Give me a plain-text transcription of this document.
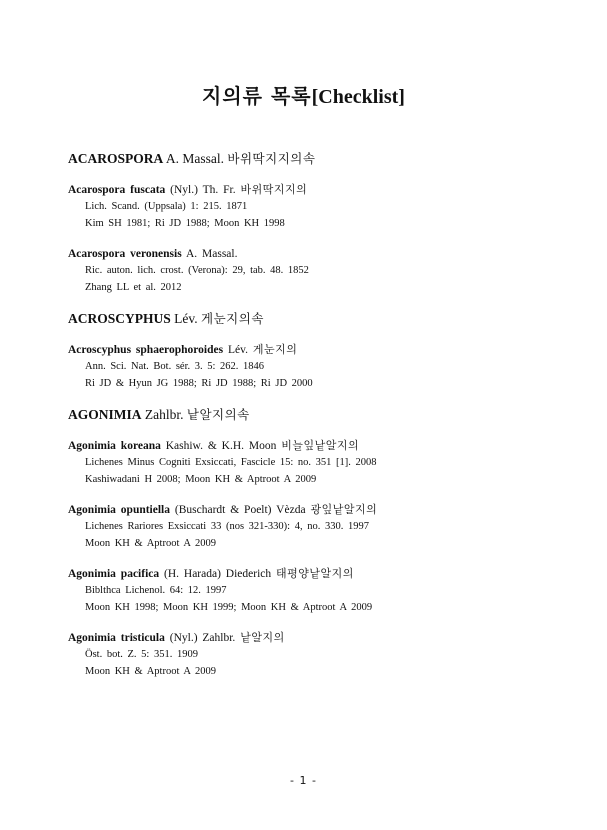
지의류 목록[Checklist]

ACAROSPORA A. Massal. 바위딱지지의속

Acarospora fuscata (Nyl.) Th. Fr. 바위딱지지의
Lich. Scand. (Uppsala) 1: 215. 1871
Kim SH 1981; Ri JD 1988; Moon KH 1998
Acarospora veronensis A. Massal.
Ric. auton. lich. crost. (Verona): 29, tab. 48. 1852
Zhang LL et al. 2012

ACROSCYPHUS Lév. 게눈지의속

Acroscyphus sphaerophoroides Lév. 게눈지의
Ann. Sci. Nat. Bot. sér. 3. 5: 262. 1846
Ri JD & Hyun JG 1988; Ri JD 1988; Ri JD 2000

AGONIMIA Zahlbr. 낱알지의속

Agonimia koreana Kashiw. & K.H. Moon 비늘잎낱알지의
Lichenes Minus Cogniti Exsiccati, Fascicle 15: no. 351 [1]. 2008
Kashiwadani H 2008; Moon KH & Aptroot A 2009
Agonimia opuntiella (Buschardt & Poelt) Vèzda 광잎낱알지의
Lichenes Rariores Exsiccati 33 (nos 321-330): 4, no. 330. 1997
Moon KH & Aptroot A 2009
Agonimia pacifica (H. Harada) Diederich 태평양낱알지의
Biblthca Lichenol. 64: 12. 1997
Moon KH 1998; Moon KH 1999; Moon KH & Aptroot A 2009
Agonimia tristicula (Nyl.) Zahlbr. 낱알지의
Öst. bot. Z. 5: 351. 1909
Moon KH & Aptroot A 2009
- 1 -
